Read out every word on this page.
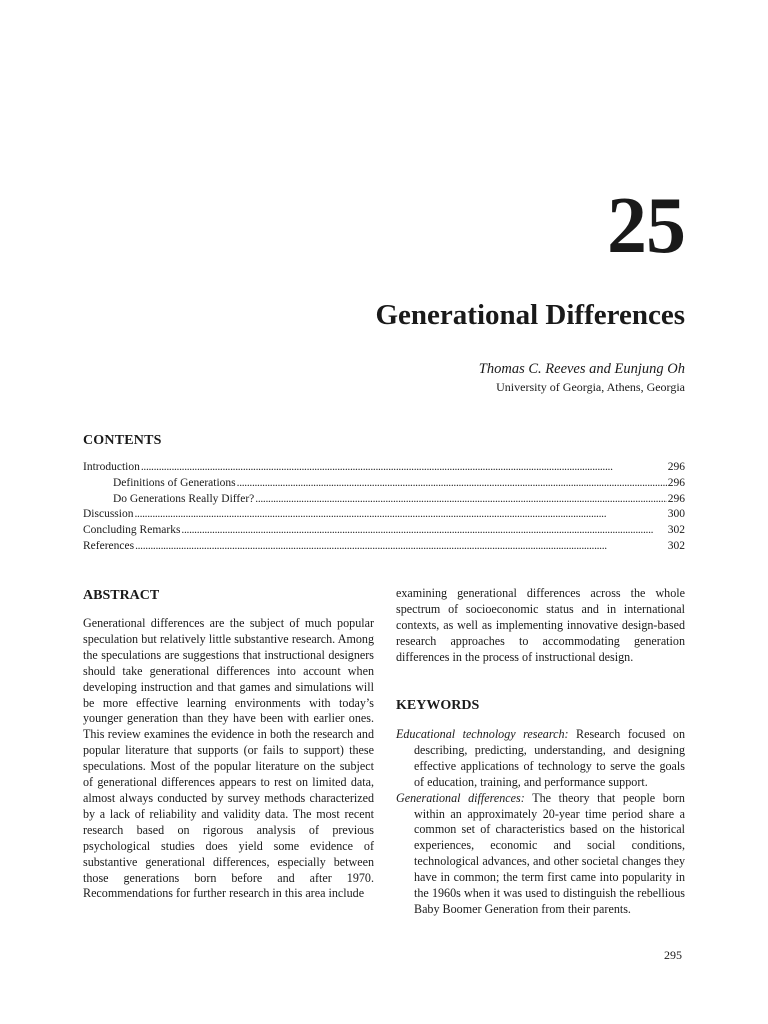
25
Generational Differences
Thomas C. Reeves and Eunjung Oh
University of Georgia, Athens, Georgia
CONTENTS
Introduction . . .	296
Definitions of Generations . . .	296
Do Generations Really Differ? . . .	296
Discussion . . .	300
Concluding Remarks . . .	302
References . . .	302
ABSTRACT
Generational differences are the subject of much popular speculation but relatively little substantive research. Among the speculations are suggestions that instructional designers should take generational differences into account when developing instruction and that games and simulations will be more effective learning environments with today’s younger generation than they have been with earlier ones. This review examines the evidence in both the research and popular literature that supports (or fails to support) these speculations. Most of the popular literature on the subject of generational differences appears to rest on limited data, almost always conducted by survey methods characterized by a lack of reliability and validity data. The most recent research based on rigorous analysis of previous psychological studies does yield some evidence of substantive generational differences, especially between those generations born before and after 1970. Recommendations for further research in this area include
examining generational differences across the whole spectrum of socioeconomic status and in international contexts, as well as implementing innovative design-based research approaches to accommodating generation differences in the process of instructional design.
KEYWORDS

Educational technology research: Research focused on describing, predicting, understanding, and designing effective applications of technology to serve the goals of education, training, and performance support.

Generational differences: The theory that people born within an approximately 20-year time period share a common set of characteristics based on the historical experiences, economic and social conditions, technological advances, and other societal changes they have in common; the term first came into popularity in the 1960s when it was used to distinguish the rebellious Baby Boomer Generation from their parents.

295
